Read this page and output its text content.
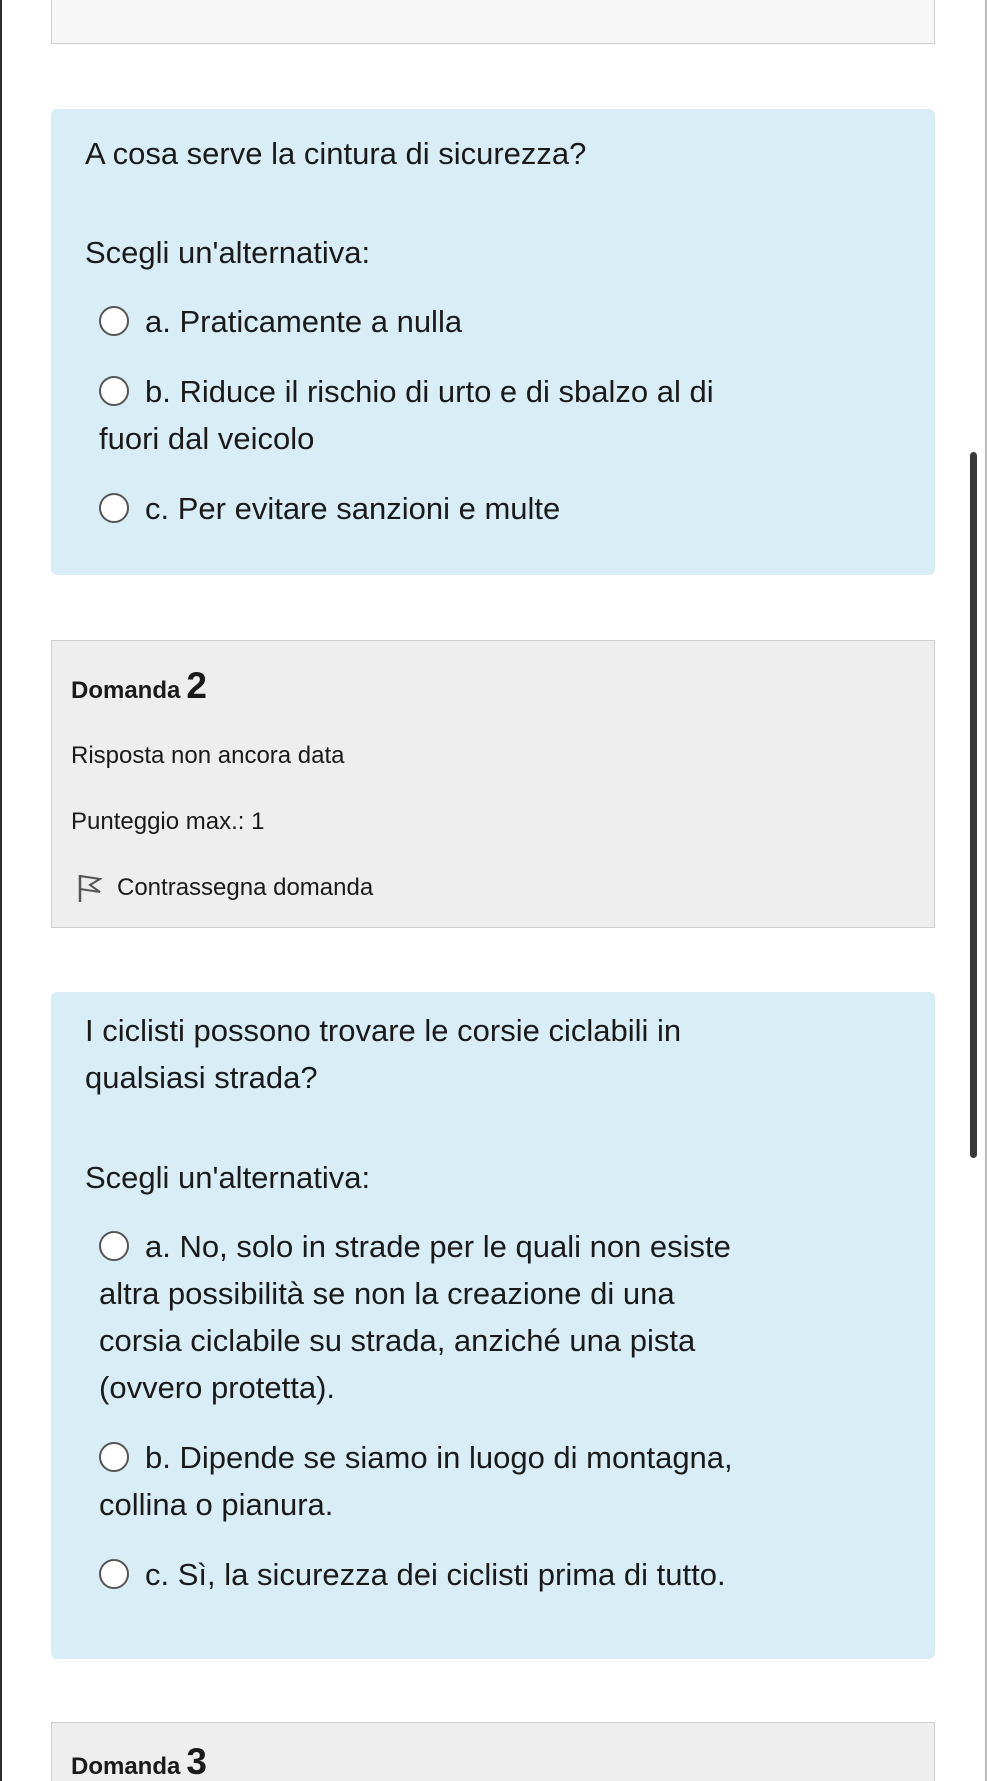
A cosa serve la cintura di sicurezza?

Scegli un'alternativa:

a. Praticamente a nulla
b. Riduce il rischio di urto e di sbalzo al di
fuori dal veicolo
c. Per evitare sanzioni e multe
Domanda 2
Risposta non ancora data
Punteggio max.: 1
Contrassegna domanda

I ciclisti possono trovare le corsie ciclabili in

qualsiasi strada?

Scegli un'alternativa:

a. No, solo in strade per le quali non esiste
altra possibilità se non la creazione di una
corsia ciclabile su strada, anziché una pista
(ovvero protetta).
b. Dipende se siamo in luogo di montagna,
collina o pianura.
c. Sì, la sicurezza dei ciclisti prima di tutto.
Domanda 3
